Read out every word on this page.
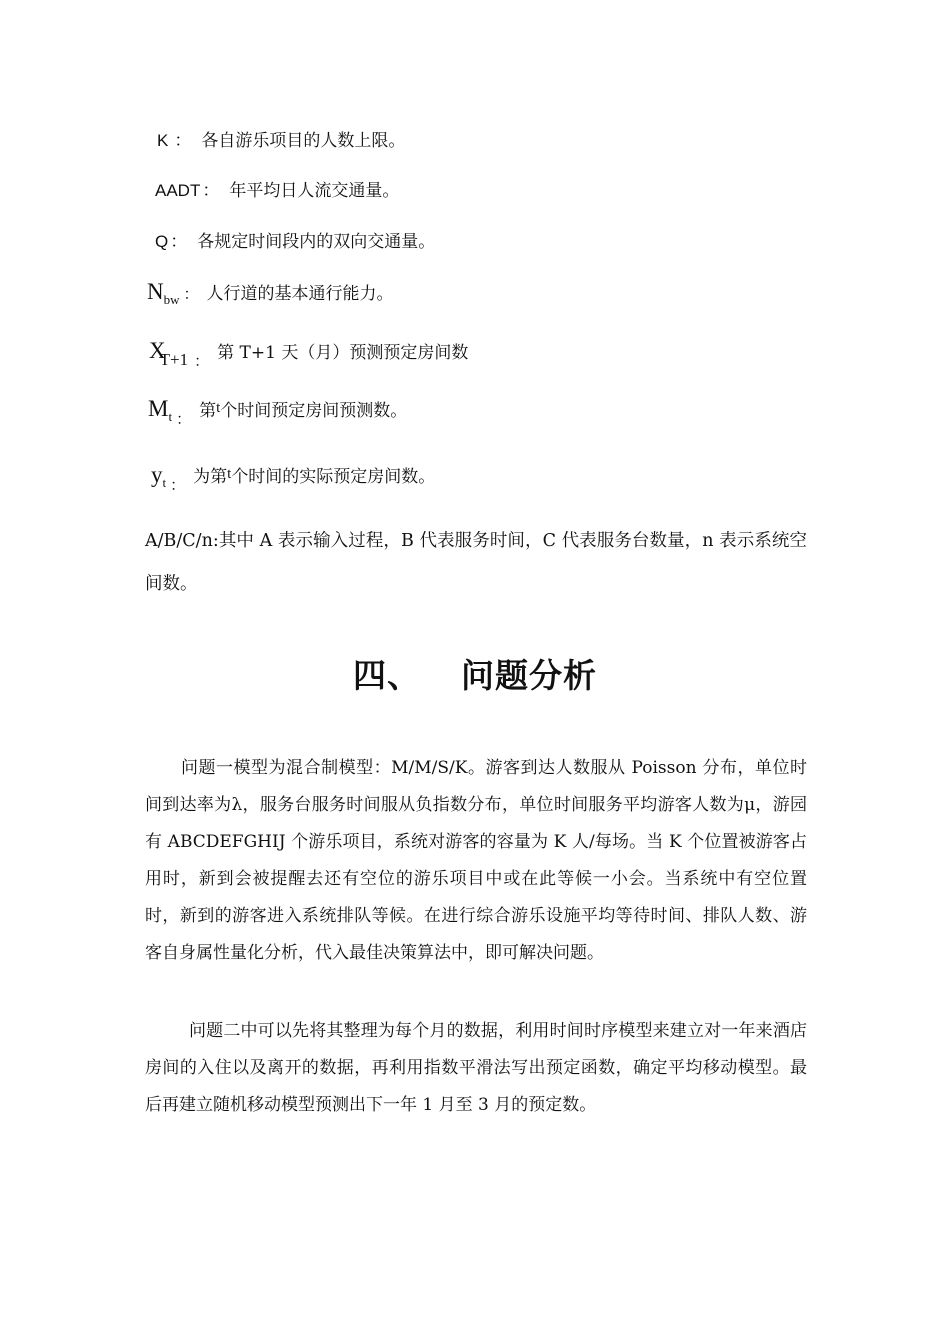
K ： 各自游乐项目的人数上限。
AADT ： 年平均日人流交通量。
Q ： 各规定时间段内的双向交通量。
$N_{bw}$ ： 人行道的基本通行能力。
XT+1 ： 第 T+1 天（月）预测预定房间数
$M_t$ ： 第t个时间预定房间预测数。
$y_t$ ： 为第t个时间的实际预定房间数。

A/B/C/n:其中 A 表示输入过程，B 代表服务时间，C 代表服务台数量，n 表示系统空间数。

四、 问题分析

问题一模型为混合制模型：M/M/S/K。游客到达人数服从 Poisson 分布，单位时间到达率为λ，服务台服务时间服从负指数分布，单位时间服务平均游客人数为μ，游园有 ABCDEFGHIJ 个游乐项目，系统对游客的容量为 K 人/每场。当 K 个位置被游客占用时，新到会被提醒去还有空位的游乐项目中或在此等候一小会。当系统中有空位置时，新到的游客进入系统排队等候。在进行综合游乐设施平均等待时间、排队人数、游客自身属性量化分析，代入最佳决策算法中，即可解决问题。

问题二中可以先将其整理为每个月的数据，利用时间时序模型来建立对一年来酒店房间的入住以及离开的数据，再利用指数平滑法写出预定函数，确定平均移动模型。最后再建立随机移动模型预测出下一年 1 月至 3 月的预定数。
